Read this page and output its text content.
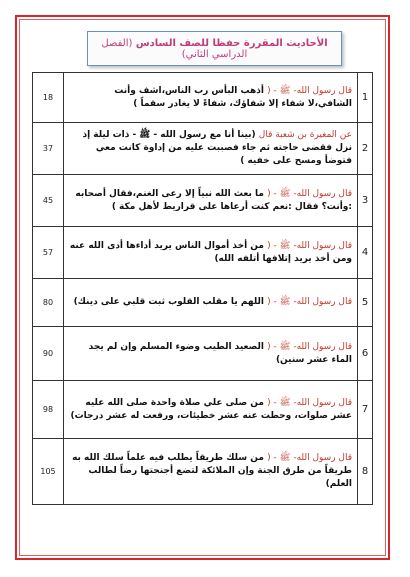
الأحاديث المقررة حفظا للصف السادس (الفصل الدراسي الثاني)
1	قال رسول الله- ﷺ - ( أذهب البأس رب الناس،اشف وأنت الشافي،لا شفاء إلا شفاؤك، شفاءً لا يغادر سقماً )	18
2	عن المغيرة بن شعبة قال (بينا أنا مع رسول الله - ﷺ - ذات ليلة إذ نزل فقضى حاجته ثم جاء فصببت عليه من إداوة كانت معي فتوضأ ومسح على خفيه )	37
3	قال رسول الله- ﷺ - ( ما بعث الله نبياً إلا رعى الغنم،فقال أصحابه :وأنت؟ فقال :نعم كنت أرعاها على قراريط لأهل مكة )	45
4	قال رسول الله- ﷺ - ( من أخذ أموال الناس يريد أداءها أدى الله عنه ومن أخذ يريد إتلافها أتلفه الله)	57
5	قال رسول الله- ﷺ - ( اللهم يا مقلب القلوب ثبت قلبي على دينك)	80
6	قال رسول الله- ﷺ - ( الصعيد الطيب وضوء المسلم وإن لم يجد الماء عشر سنين)	90
7	قال رسول الله- ﷺ - ( من صلى علي صلاة واحدة صلى الله عليه عشر صلوات، وحطت عنه عشر خطيئات، ورفعت له عشر درجات)	98
8	قال رسول الله- ﷺ - ( من سلك طريقاً يطلب فيه علماً سلك الله به طريقاً من طرق الجنة وإن الملائكة لتضع أجنحتها رضاً لطالب العلم)	105
